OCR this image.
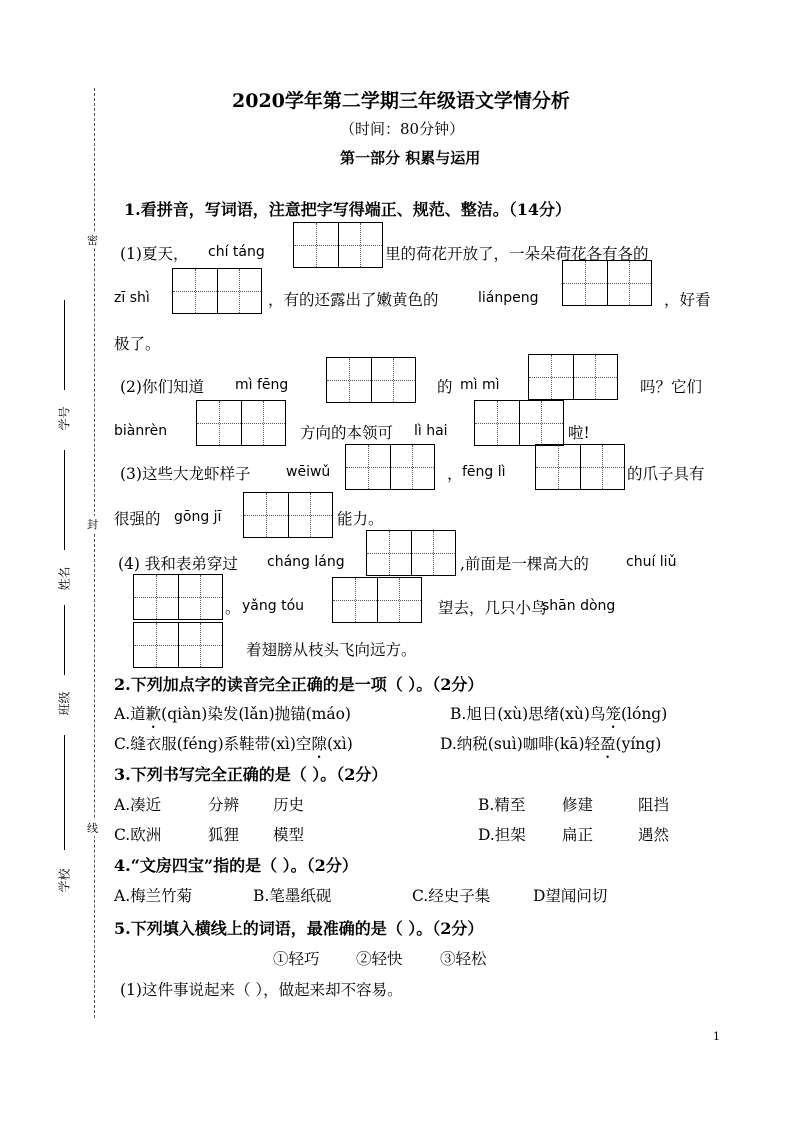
密
封
线
学号
姓名
班级
学校
2020学年第二学期三年级语文学情分析
（时间：80分钟）
第一部分 积累与运用
1.看拼音，写词语，注意把字写得端正、规范、整洁。（14分）
(1)夏天， chí táng	里的荷花开放了，一朵朵荷花各有各的
zī shì	，有的还露出了嫩黄色的	liánpeng	，好看
极了。
(2)你们知道 mì fēng	的 mì mì	吗？它们
biànrèn	方向的本领可 lì hai	啦!
(3)这些大龙虾样子	wēiwǔ	， fēng lì	的爪子具有
很强的 gōng jī	能力。
(4) 我和表弟穿过 cháng láng	,前面是一棵高大的	chuí liǔ
。 yǎng tóu	望去，几只小鸟
shān dòng
着翅膀从枝头飞向远方。
2.下列加点字的读音完全正确的是一项（ ）。（2分）
A.道歉(qiàn)染发(lǎn)抛锚(máo)	B.旭日(xù)思绪(xù)鸟笼(lóng)
C.缝衣服(féng)系鞋带(xì)空隙(xì)	D.纳税(suì)咖啡(kā)轻盈(yíng)
3.下列书写完全正确的是（ ）。（2分）
A.凑近	分辨 历史	B.精至 修建	阻挡
C.欧洲	狐狸 模型	D.担架 扁正	遇然
4.“文房四宝”指的是（ ）。（2分）
A.梅兰竹菊	B.笔墨纸砚	C.经史子集	D望闻问切
5.下列填入横线上的词语，最准确的是（ ）。（2分）
①轻巧 ②轻快 ③轻松
(1)这件事说起来（ ），做起来却不容易。
1
